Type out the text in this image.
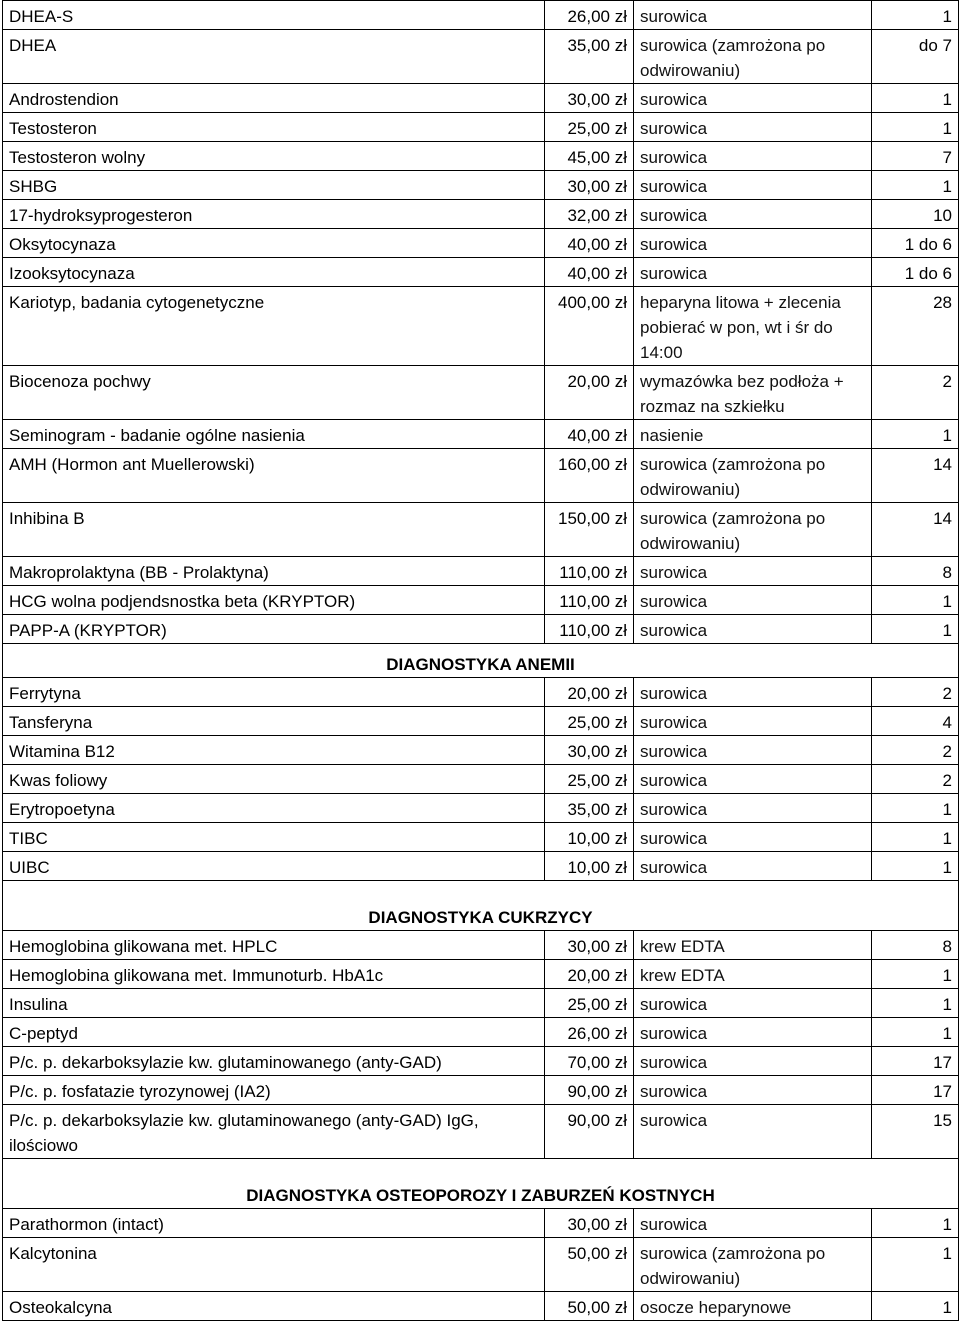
DHEA-S	26,00 zł	surowica	1
DHEA	35,00 zł	surowica (zamrożona po odwirowaniu)	do 7
Androstendion	30,00 zł	surowica	1
Testosteron	25,00 zł	surowica	1
Testosteron wolny	45,00 zł	surowica	7
SHBG	30,00 zł	surowica	1
17-hydroksyprogesteron	32,00 zł	surowica	10
Oksytocynaza	40,00 zł	surowica	1 do 6
Izooksytocynaza	40,00 zł	surowica	1 do 6
Kariotyp, badania cytogenetyczne	400,00 zł	heparyna litowa + zlecenia pobierać w pon, wt i śr do 14:00	28
Biocenoza pochwy	20,00 zł	wymazówka bez podłoża + rozmaz na szkiełku	2
Seminogram - badanie ogólne nasienia	40,00 zł	nasienie	1
AMH (Hormon ant Muellerowski)	160,00 zł	surowica (zamrożona po odwirowaniu)	14
Inhibina B	150,00 zł	surowica (zamrożona po odwirowaniu)	14
Makroprolaktyna (BB - Prolaktyna)	110,00 zł	surowica	8
HCG wolna podjendsnostka beta (KRYPTOR)	110,00 zł	surowica	1
PAPP-A (KRYPTOR)	110,00 zł	surowica	1
DIAGNOSTYKA ANEMII			
Ferrytyna	20,00 zł	surowica	2
Tansferyna	25,00 zł	surowica	4
Witamina B12	30,00 zł	surowica	2
Kwas foliowy	25,00 zł	surowica	2
Erytropoetyna	35,00 zł	surowica	1
TIBC	10,00 zł	surowica	1
UIBC	10,00 zł	surowica	1
DIAGNOSTYKA CUKRZYCY			
Hemoglobina glikowana met. HPLC	30,00 zł	krew EDTA	8
Hemoglobina glikowana met. Immunoturb. HbA1c	20,00 zł	krew EDTA	1
Insulina	25,00 zł	surowica	1
C-peptyd	26,00 zł	surowica	1
P/c. p. dekarboksylazie kw. glutaminowanego (anty-GAD)	70,00 zł	surowica	17
P/c. p. fosfatazie tyrozynowej (IA2)	90,00 zł	surowica	17
P/c. p. dekarboksylazie kw. glutaminowanego (anty-GAD) IgG, ilościowo	90,00 zł	surowica	15
DIAGNOSTYKA OSTEOPOROZY I ZABURZEŃ KOSTNYCH			
Parathormon (intact)	30,00 zł	surowica	1
Kalcytonina	50,00 zł	surowica (zamrożona po odwirowaniu)	1
Osteokalcyna	50,00 zł	osocze heparynowe	1
